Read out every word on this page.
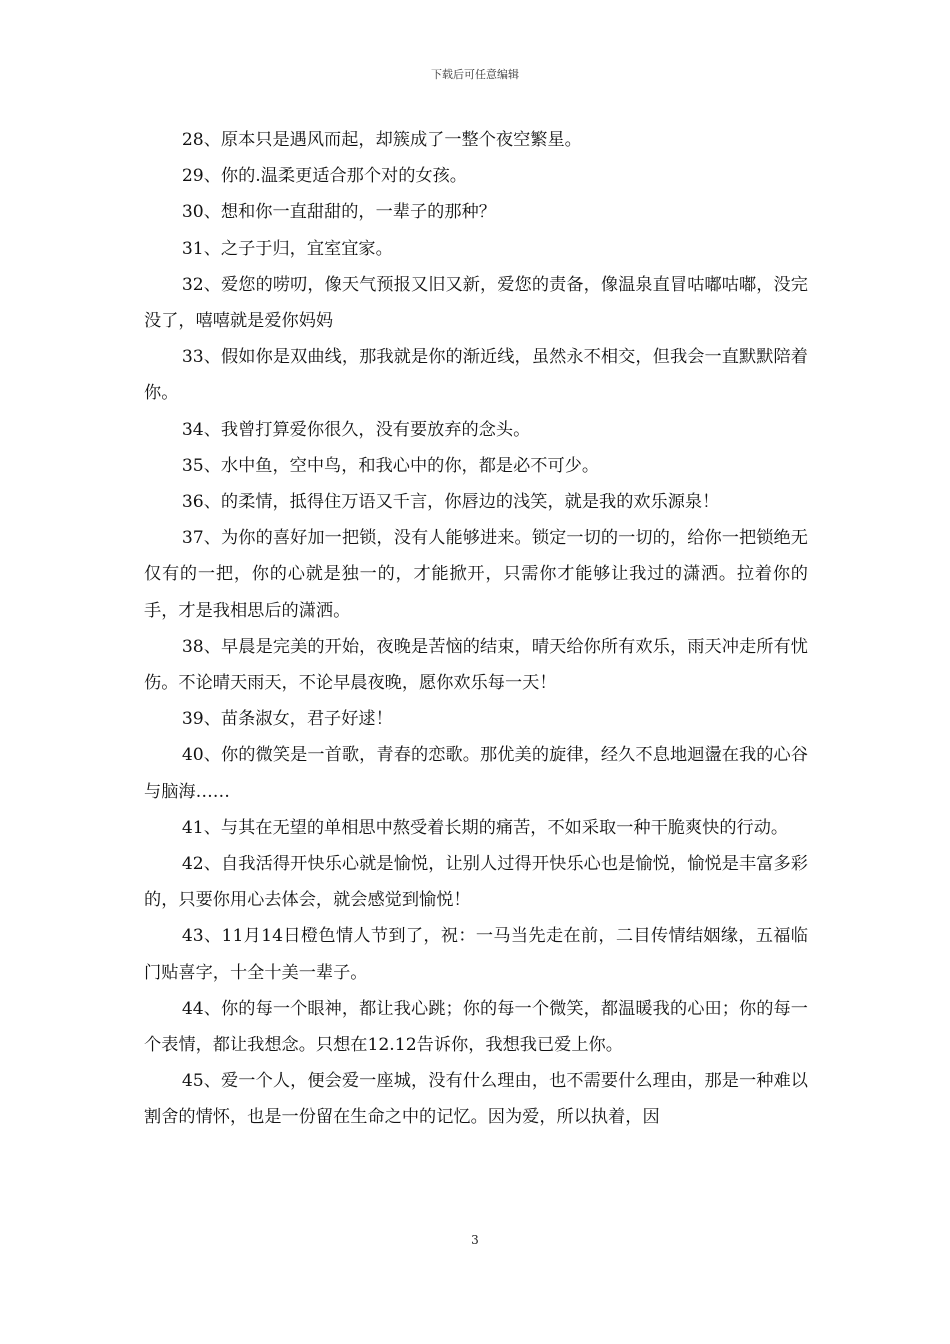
下载后可任意编辑

28、原本只是遇风而起，却簇成了一整个夜空繁星。

29、你的.温柔更适合那个对的女孩。

30、想和你一直甜甜的，一辈子的那种？

31、之子于归，宜室宜家。

32、爱您的唠叨，像天气预报又旧又新，爱您的责备，像温泉直冒咕嘟咕嘟，没完没了，嘻嘻就是爱你妈妈

33、假如你是双曲线，那我就是你的渐近线，虽然永不相交，但我会一直默默陪着你。

34、我曾打算爱你很久，没有要放弃的念头。

35、水中鱼，空中鸟，和我心中的你，都是必不可少。

36、的柔情，抵得住万语又千言，你唇边的浅笑，就是我的欢乐源泉！

37、为你的喜好加一把锁，没有人能够进来。锁定一切的一切的，给你一把锁绝无仅有的一把，你的心就是独一的，才能掀开，只需你才能够让我过的潇洒。拉着你的手，才是我相思后的潇洒。

38、早晨是完美的开始，夜晚是苦恼的结束，晴天给你所有欢乐，雨天冲走所有忧伤。不论晴天雨天，不论早晨夜晚，愿你欢乐每一天！

39、苗条淑女，君子好逑！

40、你的微笑是一首歌，青春的恋歌。那优美的旋律，经久不息地迴盪在我的心谷与脑海……

41、与其在无望的单相思中熬受着长期的痛苦，不如采取一种干脆爽快的行动。

42、自我活得开快乐心就是愉悦，让别人过得开快乐心也是愉悦，愉悦是丰富多彩的，只要你用心去体会，就会感觉到愉悦！

43、11月14日橙色情人节到了，祝：一马当先走在前，二目传情结姻缘，五福临门贴喜字，十全十美一辈子。

44、你的每一个眼神，都让我心跳；你的每一个微笑，都温暖我的心田；你的每一个表情，都让我想念。只想在12.12告诉你，我想我已爱上你。

45、爱一个人，便会爱一座城，没有什么理由，也不需要什么理由，那是一种难以割舍的情怀，也是一份留在生命之中的记忆。因为爱，所以执着，因

3
